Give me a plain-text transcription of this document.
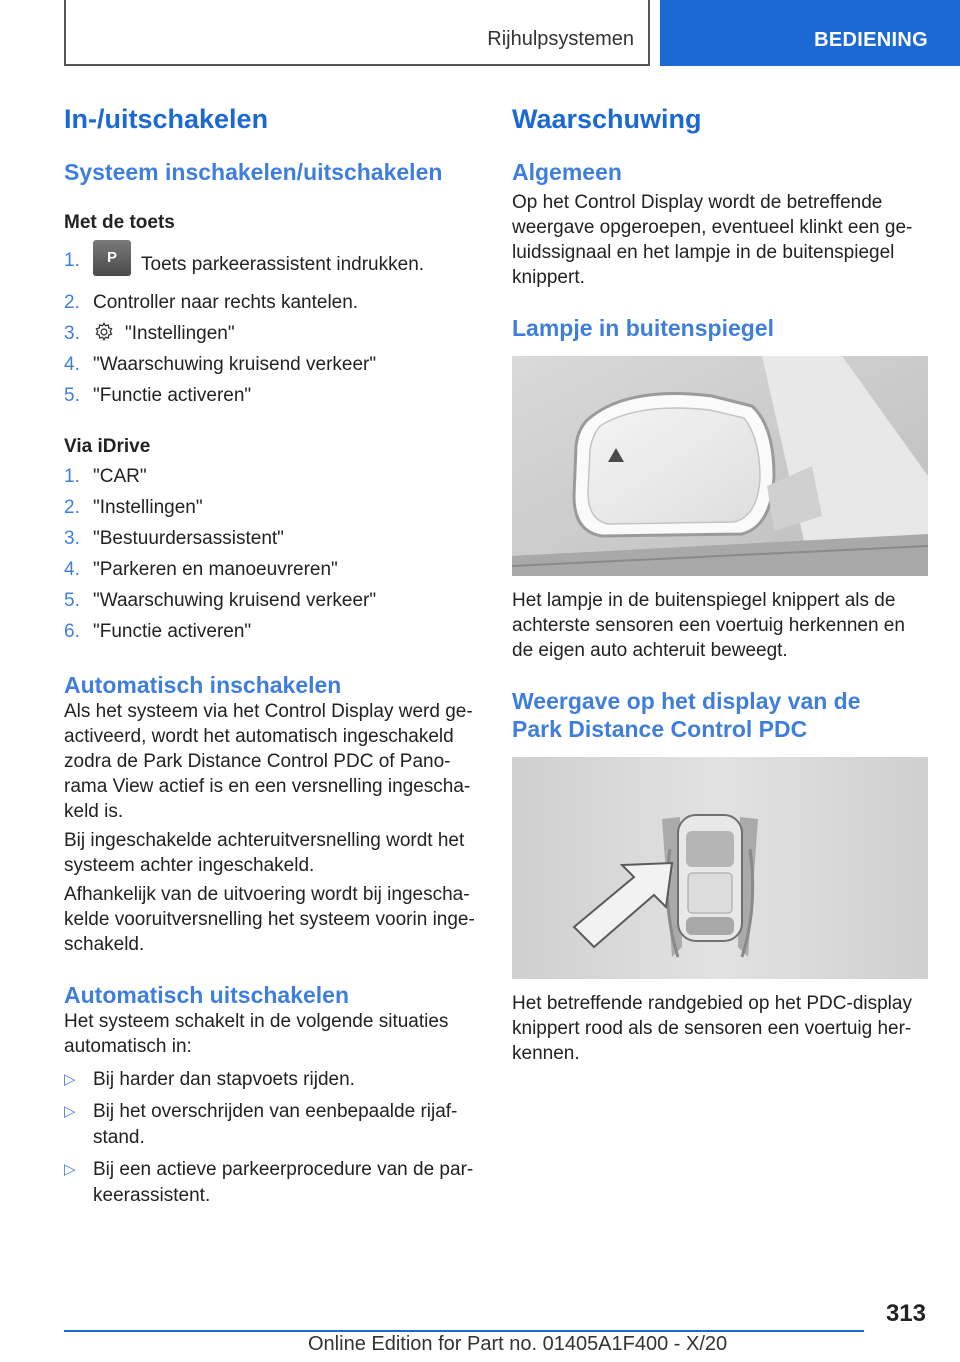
Rijhulpsystemen	BEDIENING
In-/uitschakelen
Systeem inschakelen/uitschakelen
Met de toets
1.	P Toets parkeerassistent indrukken.
2. Controller naar rechts kantelen.
3.	"Instellingen"
4. "Waarschuwing kruisend verkeer"
5. "Functie activeren"
Via iDrive
1. "CAR"
2. "Instellingen"
3. "Bestuurdersassistent"
4. "Parkeren en manoeuvreren"
5. "Waarschuwing kruisend verkeer"
6. "Functie activeren"
Automatisch inschakelen

Als het systeem via het Control Display werd ge-activeerd, wordt het automatisch ingeschakeld zodra de Park Distance Control PDC of Pano-rama View actief is en een versnelling ingescha-keld is.

Bij ingeschakelde achteruitversnelling wordt het systeem achter ingeschakeld.

Afhankelijk van de uitvoering wordt bij ingescha-kelde vooruitversnelling het systeem voorin inge-schakeld.

Automatisch uitschakelen

Het systeem schakelt in de volgende situaties automatisch in:

▷ Bij harder dan stapvoets rijden.
▷ Bij het overschrijden van eenbepaalde rijaf-stand.
▷ Bij een actieve parkeerprocedure van de par-keerassistent.
Waarschuwing
Algemeen

Op het Control Display wordt de betreffende weergave opgeroepen, eventueel klinkt een ge-luidssignaal en het lampje in de buitenspiegel knippert.

Lampje in buitenspiegel

Het lampje in de buitenspiegel knippert als de achterste sensoren een voertuig herkennen en de eigen auto achteruit beweegt.

Weergave op het display van de
Park Distance Control PDC

Het betreffende randgebied op het PDC-display knippert rood als de sensoren een voertuig her-kennen.

313
Online Edition for Part no. 01405A1F400 - X/20
